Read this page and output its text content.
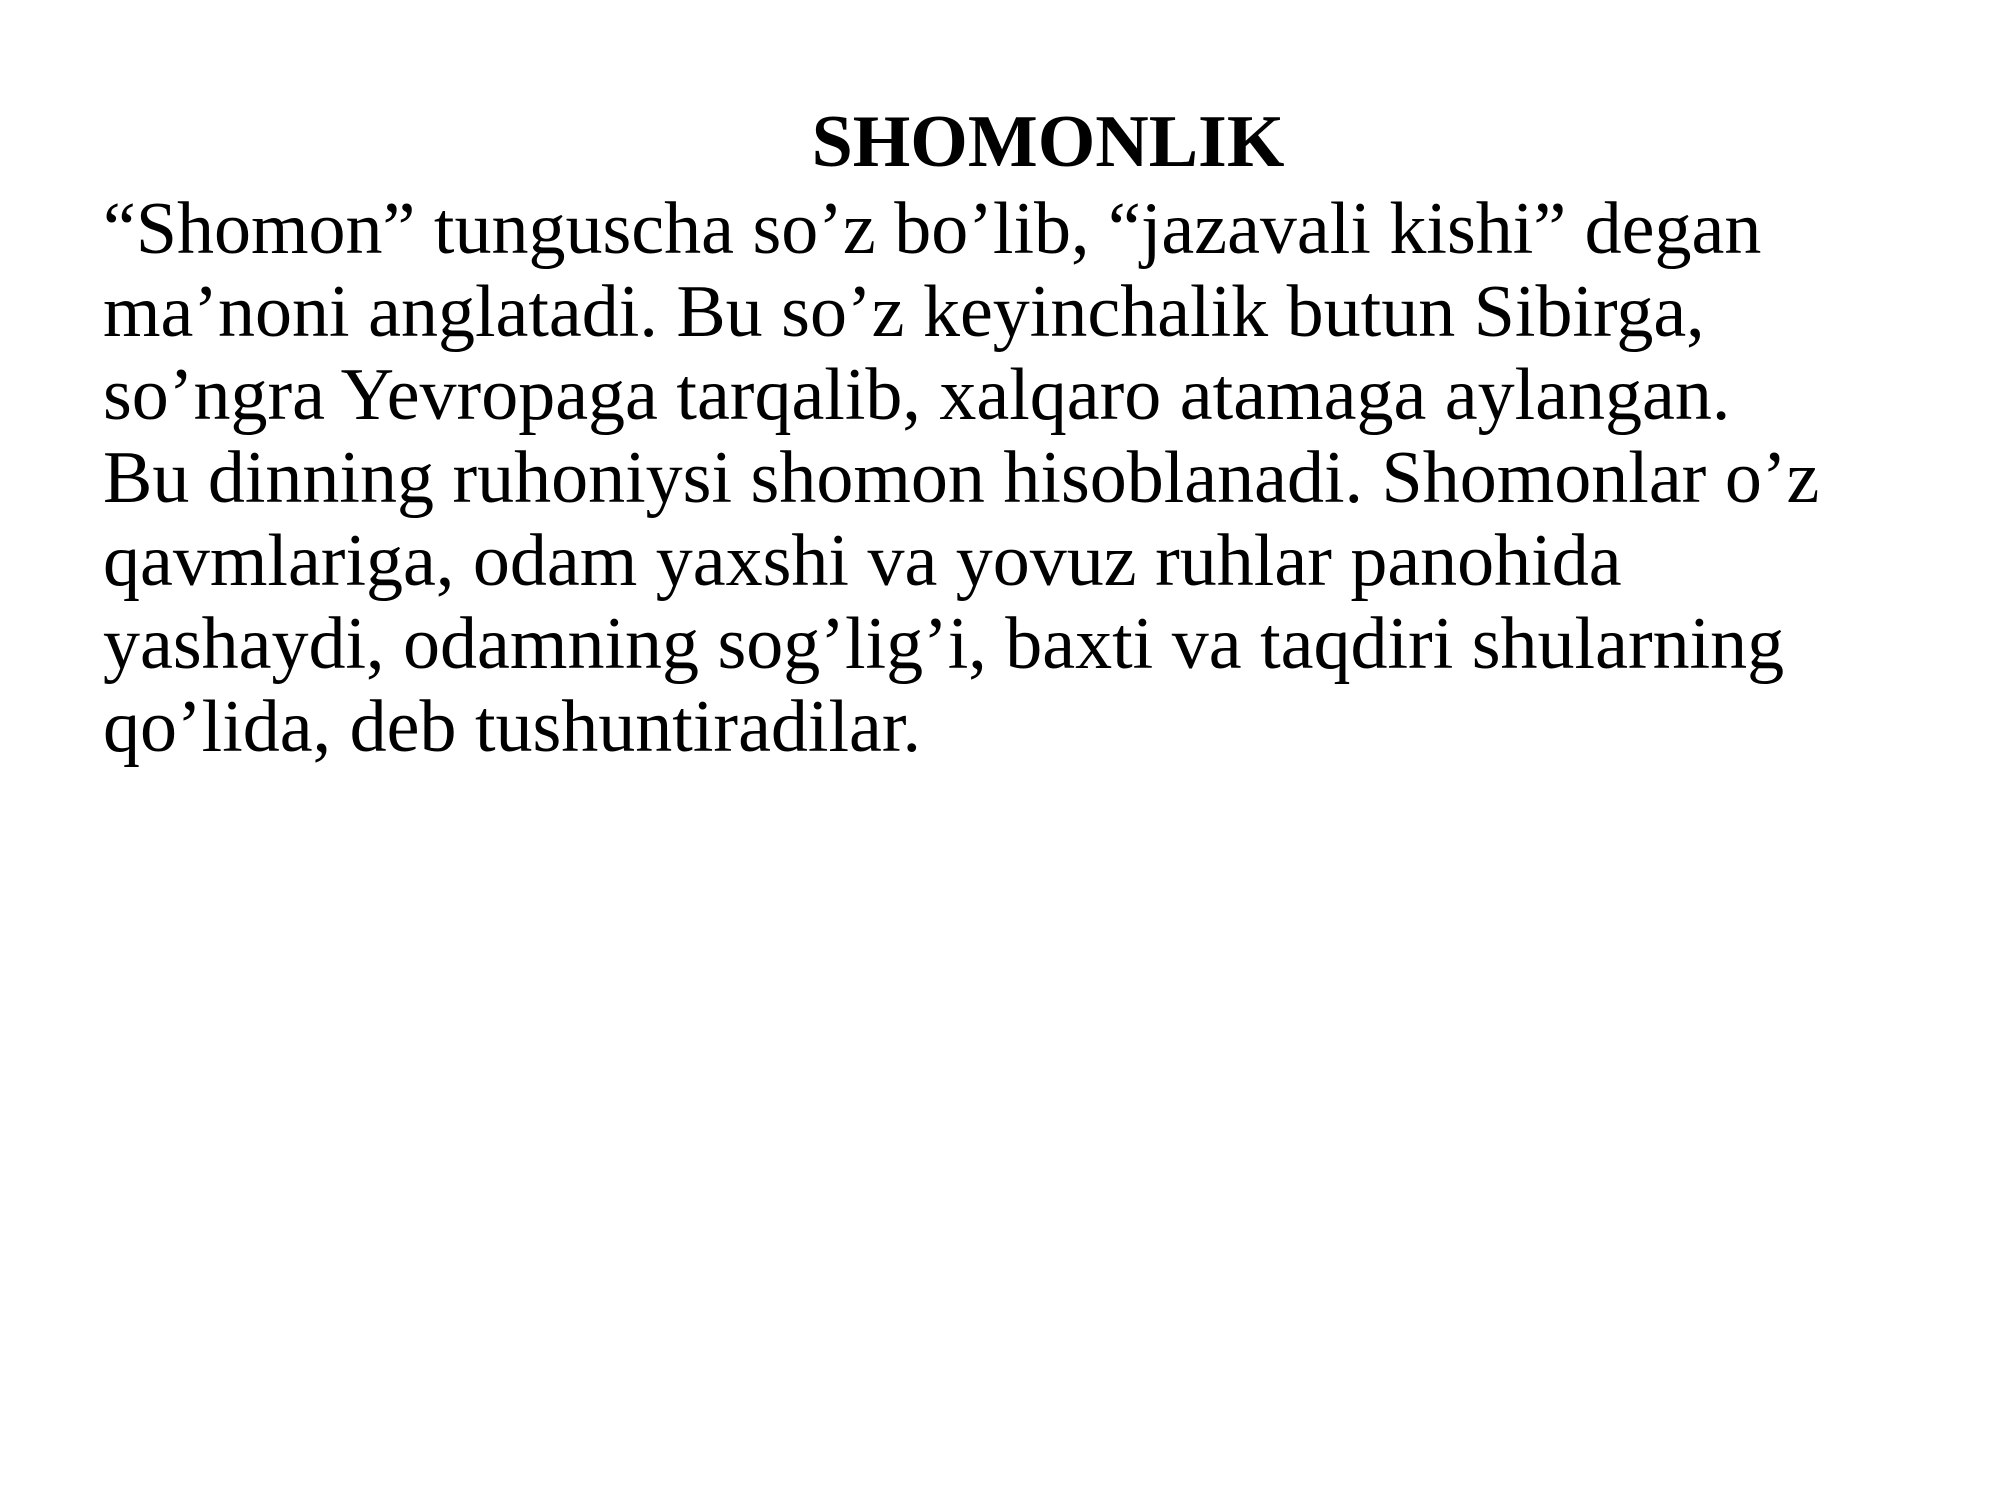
SHOMONLIK
“Shomon” tunguscha so’z bo’lib, “jazavali kishi” degan
ma’noni anglatadi. Bu so’z keyinchalik butun Sibirga,
so’ngra Yevropaga tarqalib, xalqaro atamaga aylangan.
Bu dinning ruhoniysi shomon hisoblanadi. Shomonlar o’z
qavmlariga, odam yaxshi va yovuz ruhlar panohida
yashaydi, odamning sog’lig’i, baxti va taqdiri shularning
qo’lida, deb tushuntiradilar.
